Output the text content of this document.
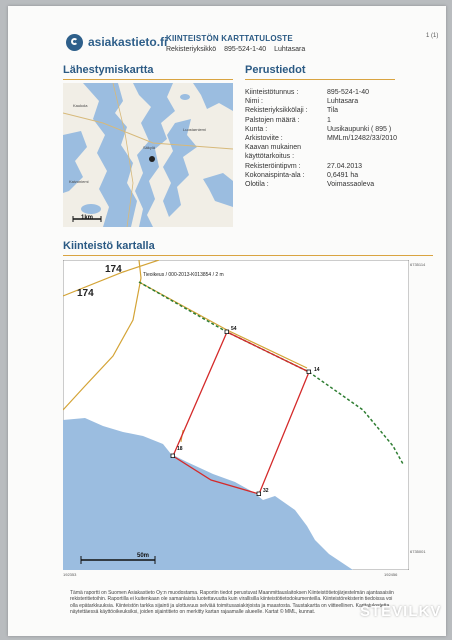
asiakastieto.fi
KIINTEISTÖN KARTTATULOSTE
Rekisteriyksikkö 895-524-1-40 Luhtasara
1 (1)
Lähestymiskartta	Perustiedot
Kaukola
Luostarniemi
Säkylä
Kaivoniemi
1km
Kiinteistötunnus :	895-524-1-40
Nimi :	Luhtasara
Rekisteriyksikkölaji :	Tila
Palstojen määrä :	1
Kunta :	Uusikaupunki ( 895 )
Arkistoviite :	MMLm/12482/33/2010
Kaavan mukainen
käyttötarkoitus :
Rekisteröintipvm :	27.04.2013
Kokonaispinta-ala :	0,6491 ha
Olotila :	Voimassaoleva
Kiinteistö kartalla
174
174
Tieoikeus / 000-2013-K013854 / 2 m
54
14
18
32
50m
6735114
6735001
192353	192456
Tämä raportti on Suomen Asiakastieto Oy:n muodostama. Raportin tiedot perustuvat Maanmittauslaitoksen Kiinteistötietojärjestelmän ajantasaisiin rekisteritietoihin. Raportilla ei kuitenkaan ole samanlaista luotettavuutta kuin virallisilla kiinteistötietodokumenteilla. Kiinteistörekisterin tiedoissa voi olla epätarkkuuksia. Kiinteistön tarkka sijainti ja ulottuvuus selviää toimitusasiakirjoista ja maastosta. Taustakartta on viitteellinen. Karttatulostetta näytettäessä käyttöoikeuksiksi, joiden sijaintitieto on merkitty kartan rajaamalle alueelle. Kartat © MML, kunnat.	STEVILKV
